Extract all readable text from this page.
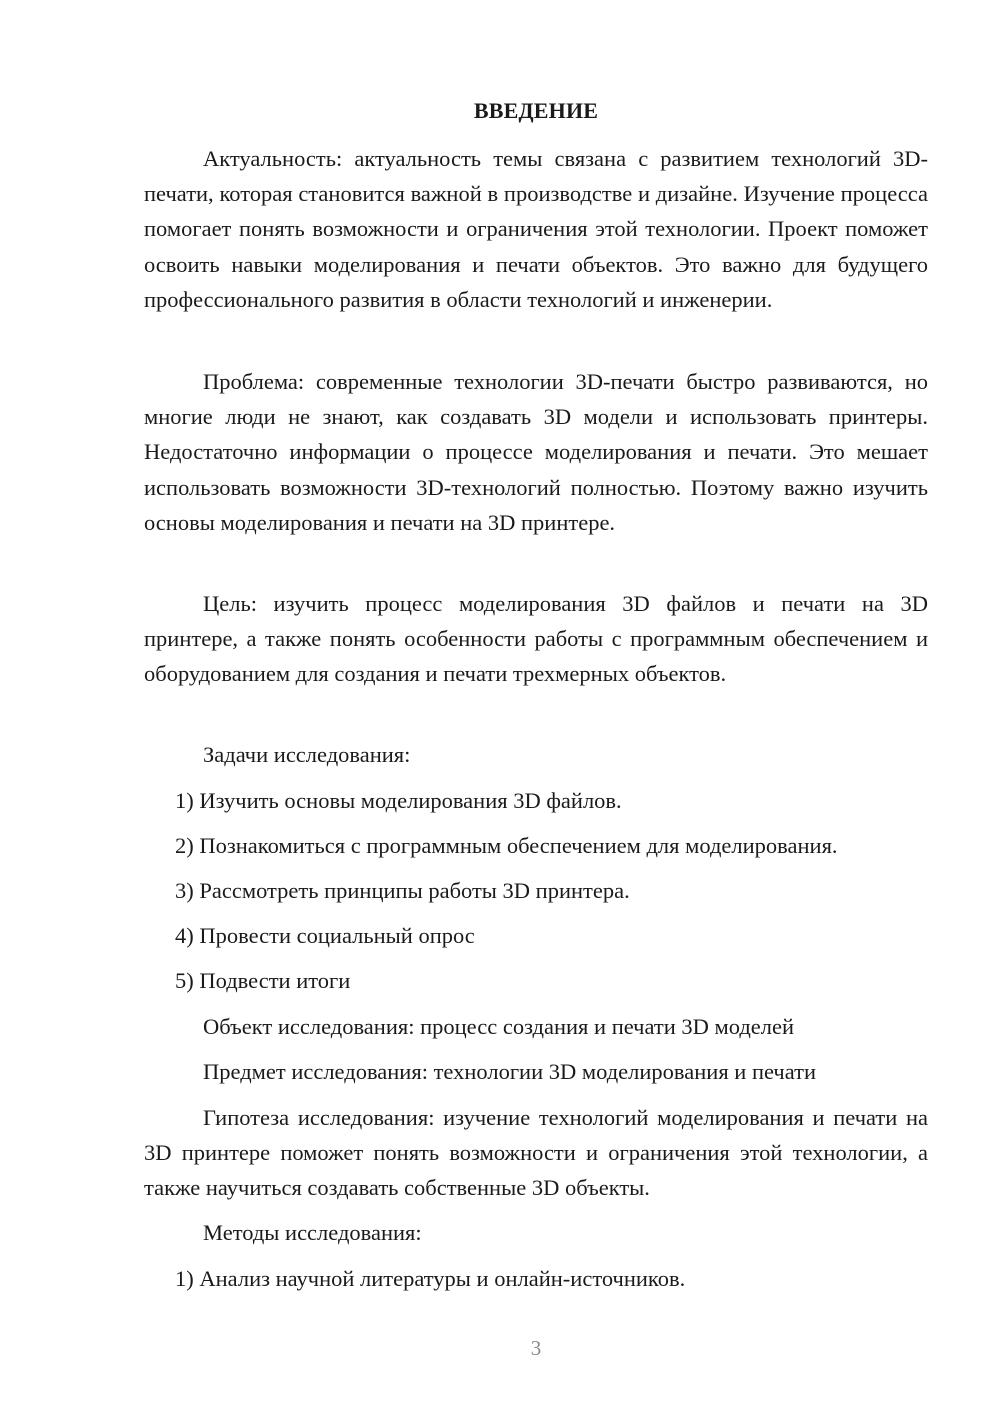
ВВЕДЕНИЕ

Актуальность: актуальность темы связана с развитием технологий 3D-печати, которая становится важной в производстве и дизайне. Изучение процесса помогает понять возможности и ограничения этой технологии. Проект поможет освоить навыки моделирования и печати объектов. Это важно для будущего профессионального развития в области технологий и инженерии.

Проблема: современные технологии 3D-печати быстро развиваются, но многие люди не знают, как создавать 3D модели и использовать принтеры. Недостаточно информации о процессе моделирования и печати. Это мешает использовать возможности 3D-технологий полностью. Поэтому важно изучить основы моделирования и печати на 3D принтере.

Цель: изучить процесс моделирования 3D файлов и печати на 3D принтере, а также понять особенности работы с программным обеспечением и оборудованием для создания и печати трехмерных объектов.

Задачи исследования:
1) Изучить основы моделирования 3D файлов.
2) Познакомиться с программным обеспечением для моделирования.
3) Рассмотреть принципы работы 3D принтера.
4) Провести социальный опрос
5) Подвести итоги
Объект исследования: процесс создания и печати 3D моделей
Предмет исследования: технологии 3D моделирования и печати

Гипотеза исследования: изучение технологий моделирования и печати на 3D принтере поможет понять возможности и ограничения этой технологии, а также научиться создавать собственные 3D объекты.

Методы исследования:
1) Анализ научной литературы и онлайн-источников.
3
